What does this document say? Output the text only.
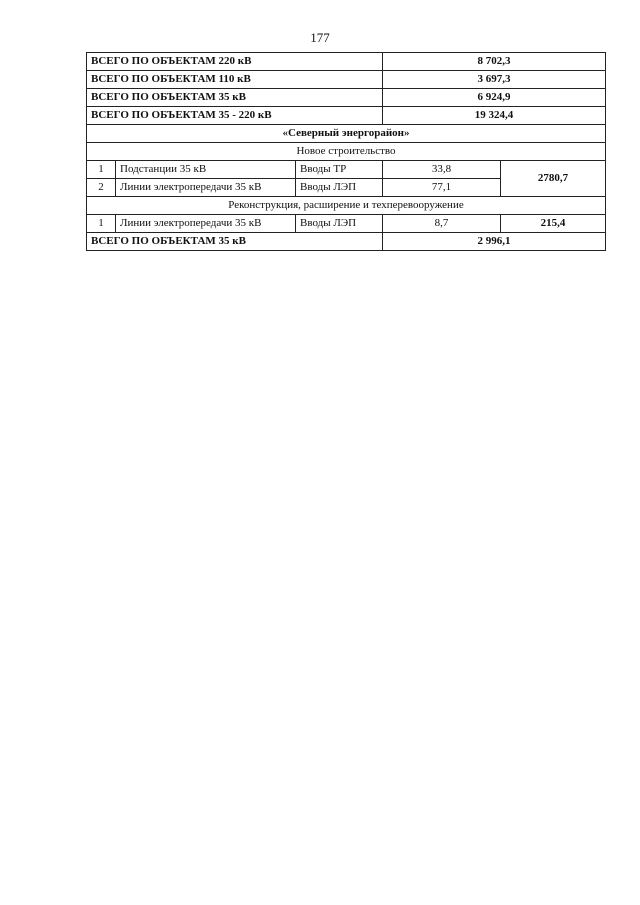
177
ВСЕГО ПО ОБЪЕКТАМ 220 кВ			8 702,3	
ВСЕГО ПО ОБЪЕКТАМ 110 кВ			3 697,3	
ВСЕГО ПО ОБЪЕКТАМ 35 кВ			6 924,9	
ВСЕГО ПО ОБЪЕКТАМ 35 - 220 кВ			19 324,4	
«Северный энергорайон»				
Новое строительство				
1	Подстанции 35 кВ	Вводы ТР	33,8	2780,7
2	Линии электропередачи 35 кВ	Вводы ЛЭП	77,1	
Реконструкция, расширение и техперевооружение				
1	Линии электропередачи 35 кВ	Вводы ЛЭП	8,7	215,4
ВСЕГО ПО ОБЪЕКТАМ 35 кВ			2 996,1	
